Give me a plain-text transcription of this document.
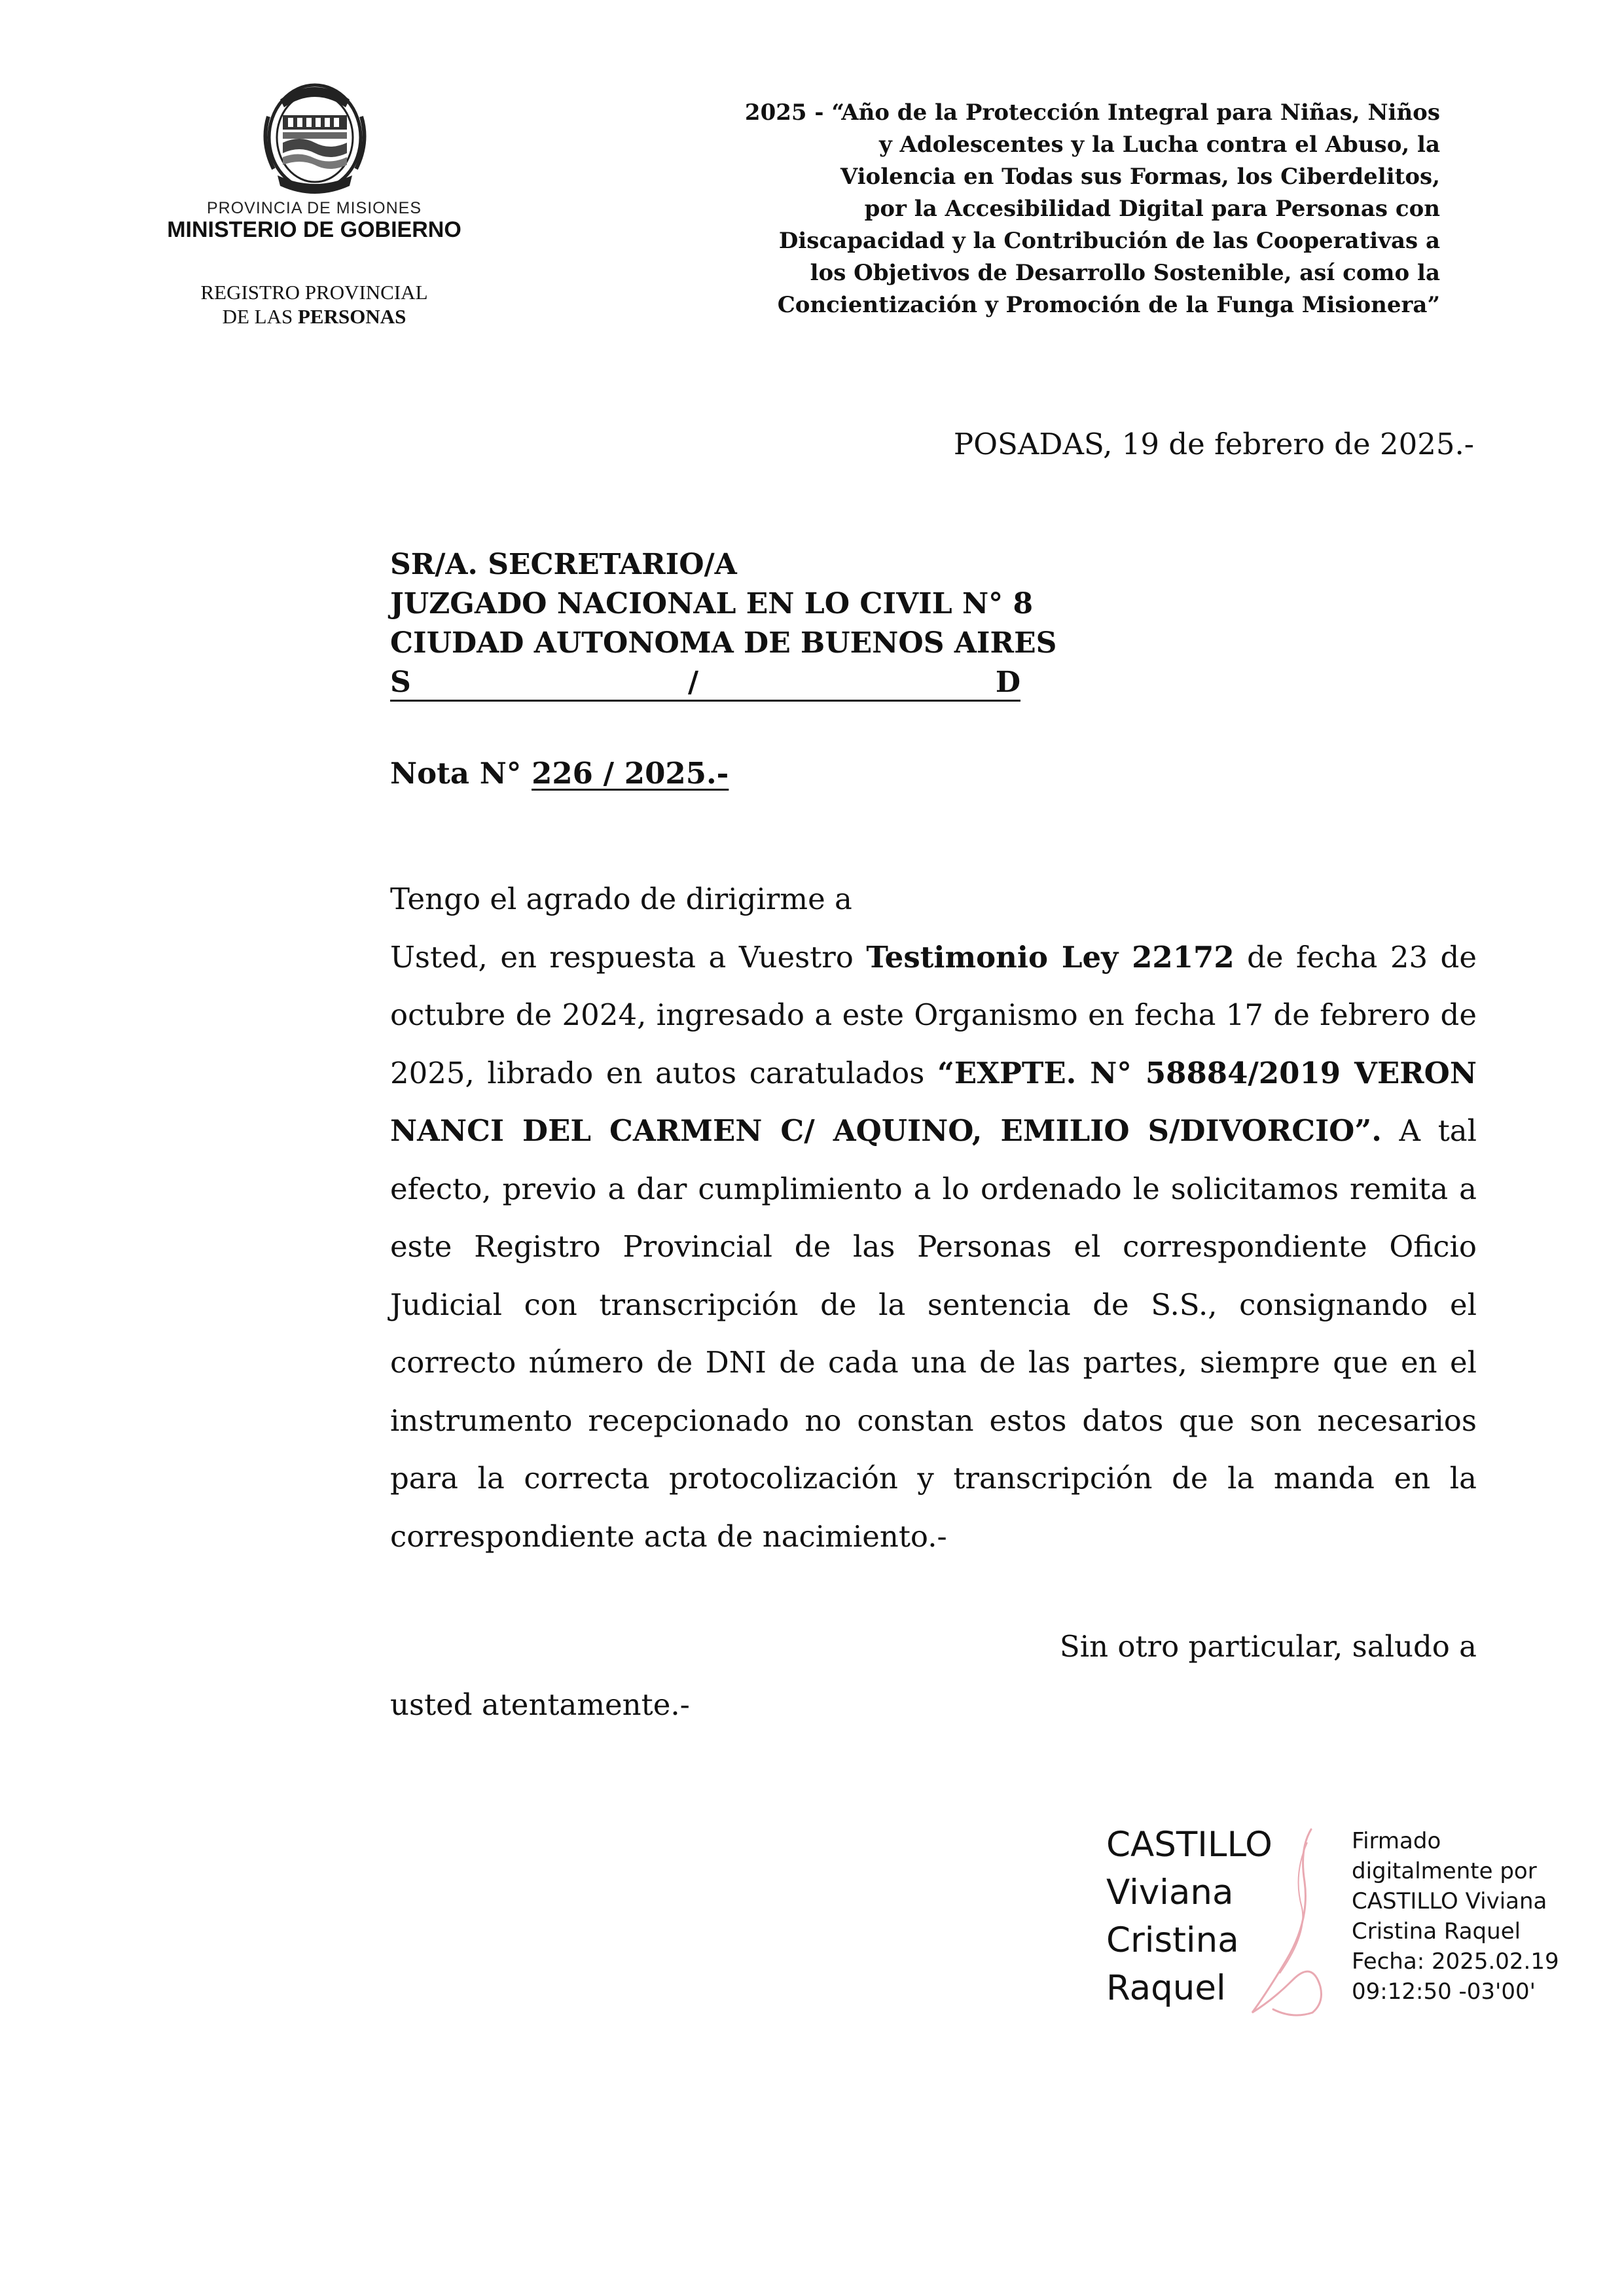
PROVINCIA DE MISIONES
MINISTERIO DE GOBIERNO
REGISTRO PROVINCIAL
DE LAS PERSONAS
2025 - “Año de la Protección Integral para Niñas, Niños
y Adolescentes y la Lucha contra el Abuso, la
Violencia en Todas sus Formas, los Ciberdelitos,
por la Accesibilidad Digital para Personas con
Discapacidad y la Contribución de las Cooperativas a
los Objetivos de Desarrollo Sostenible, así como la
Concientización y Promoción de la Funga Misionera”
POSADAS, 19 de febrero de 2025.-
SR/A. SECRETARIO/A
JUZGADO NACIONAL EN LO CIVIL N° 8
CIUDAD AUTONOMA DE BUENOS AIRES
S	/	D
Nota N° 226 / 2025.-
Tengo el agrado de dirigirme a
Usted, en respuesta a Vuestro Testimonio Ley 22172 de fecha 23 de octubre de 2024, ingresado a este Organismo en fecha 17 de febrero de 2025, librado en autos caratulados “EXPTE. N° 58884/2019 VERON NANCI DEL CARMEN C/ AQUINO, EMILIO S/DIVORCIO”. A tal efecto, previo a dar cumplimiento a lo ordenado le solicitamos remita a este Registro Provincial de las Personas el correspondiente Oficio Judicial con transcripción de la sentencia de S.S., consignando el correcto número de DNI de cada una de las partes, siempre que en el instrumento recepcionado no constan estos datos que son necesarios para la correcta protocolización y transcripción de la manda en la correspondiente acta de nacimiento.-
Sin otro particular, saludo a
usted atentamente.-
CASTILLO
Viviana
Cristina
Raquel
Firmado
digitalmente por
CASTILLO Viviana
Cristina Raquel
Fecha: 2025.02.19
09:12:50 -03'00'
